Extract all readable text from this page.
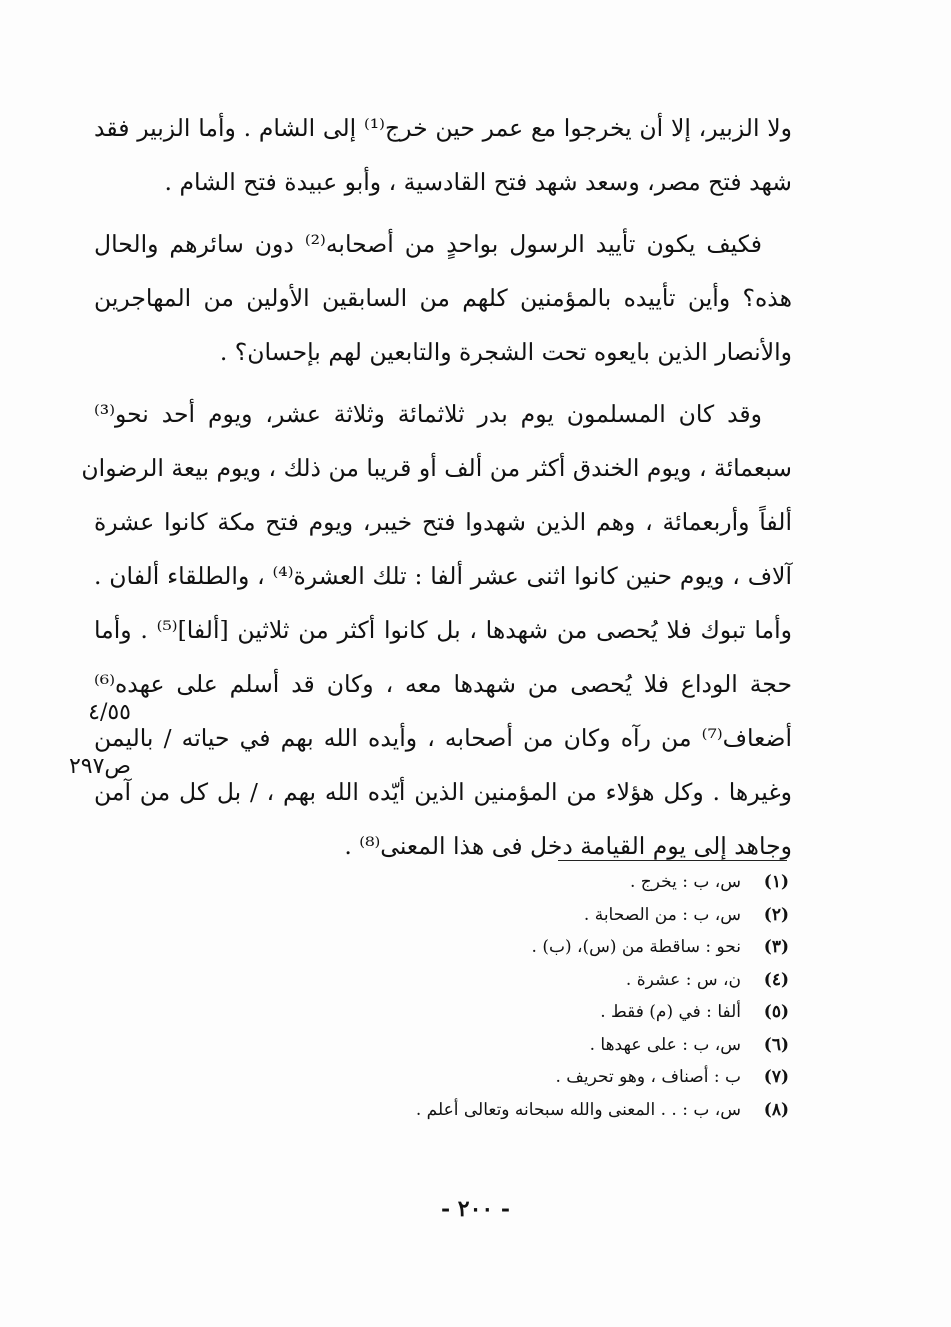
ولا الزبير، إلا أن يخرجوا مع عمر حين خرج⁽¹⁾ إلى الشام . وأما الزبير فقد
شهد فتح مصر، وسعد شهد فتح القادسية ، وأبو عبيدة فتح الشام .
فكيف يكون تأييد الرسول بواحدٍ من أصحابه⁽²⁾ دون سائرهم والحال
هذه؟ وأين تأييده بالمؤمنين كلهم من السابقين الأولين من المهاجرين
والأنصار الذين بايعوه تحت الشجرة والتابعين لهم بإحسان؟ .
وقد كان المسلمون يوم بدر ثلاثمائة وثلاثة عشر، ويوم أحد نحو⁽³⁾
سبعمائة ، ويوم الخندق أكثر من ألف أو قريبا من ذلك ، ويوم بيعة الرضوان
ألفاً وأربعمائة ، وهم الذين شهدوا فتح خيبر، ويوم فتح مكة كانوا عشرة
آلاف ، ويوم حنين كانوا اثنى عشر ألفا : تلك العشرة⁽⁴⁾ ، والطلقاء ألفان .
وأما تبوك فلا يُحصى من شهدها ، بل كانوا أكثر من ثلاثين [ألفا]⁽⁵⁾ . وأما
حجة الوداع فلا يُحصى من شهدها معه ، وكان قد أسلم على عهده⁽⁶⁾
أضعاف⁽⁷⁾ من رآه وكان من أصحابه ، وأيده الله بهم في حياته / باليمن
وغيرها . وكل هؤلاء من المؤمنين الذين أيّده الله بهم ، / بل كل من آمن
وجاهد إلى يوم القيامة دخل فى هذا المعنى⁽⁸⁾ .
٤/٥٥
ص٢٩٧
(١)س، ب : يخرج .
(٢)س، ب : من الصحابة .
(٣)نحو : ساقطة من (س)، (ب) .
(٤)ن، س : عشرة .
(٥)ألفا : في (م) فقط .
(٦)س، ب : على عهدها .
(٧)ب : أصناف ، وهو تحريف .
(٨)س، ب : . . المعنى والله سبحانه وتعالى أعلم .
- ٢٠٠ -
